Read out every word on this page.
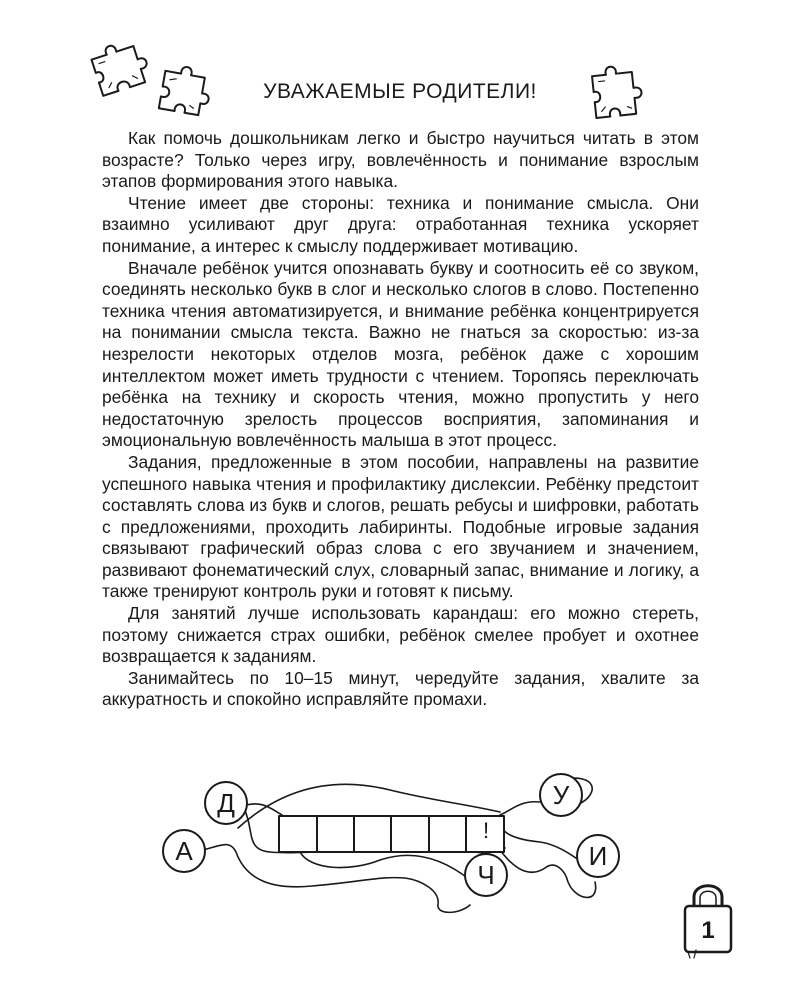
УВАЖАЕМЫЕ РОДИТЕЛИ!

Как помочь дошкольникам легко и быстро научиться читать в этом возрасте? Только через игру, вовлечённость и понимание взрослым этапов формирования этого навыка.

Чтение имеет две стороны: техника и понимание смысла. Они взаимно усиливают друг друга: отработанная техника ускоряет понимание, а интерес к смыслу поддерживает мотивацию.

Вначале ребёнок учится опознавать букву и соотносить её со звуком, соединять несколько букв в слог и несколько слогов в слово. Постепенно техника чтения автоматизируется, и внимание ребёнка концентрируется на понимании смысла текста. Важно не гнаться за скоростью: из-за незрелости некоторых отделов мозга, ребёнок даже с хорошим интеллектом может иметь трудности с чтением. Торопясь переключать ребёнка на технику и скорость чтения, можно пропустить у него недостаточную зрелость процессов восприятия, запоминания и эмоциональную вовлечённость малыша в этот процесс.

Задания, предложенные в этом пособии, направлены на развитие успешного навыка чтения и профилактику дислексии. Ребёнку предстоит составлять слова из букв и слогов, решать ребусы и шифровки, работать с предложениями, проходить лабиринты. Подобные игровые задания связывают графический образ слова с его звучанием и значением, развивают фонематический слух, словарный запас, внимание и логику, а также тренируют контроль руки и готовят к письму.

Для занятий лучше использовать карандаш: его можно стереть, поэтому снижается страх ошибки, ребёнок смелее пробует и охотнее возвращается к заданиям.

Занимайтесь по 10–15 минут, чередуйте задания, хвалите за аккуратность и спокойно исправляйте промахи.

Д
А
У
И
Ч
!
1
